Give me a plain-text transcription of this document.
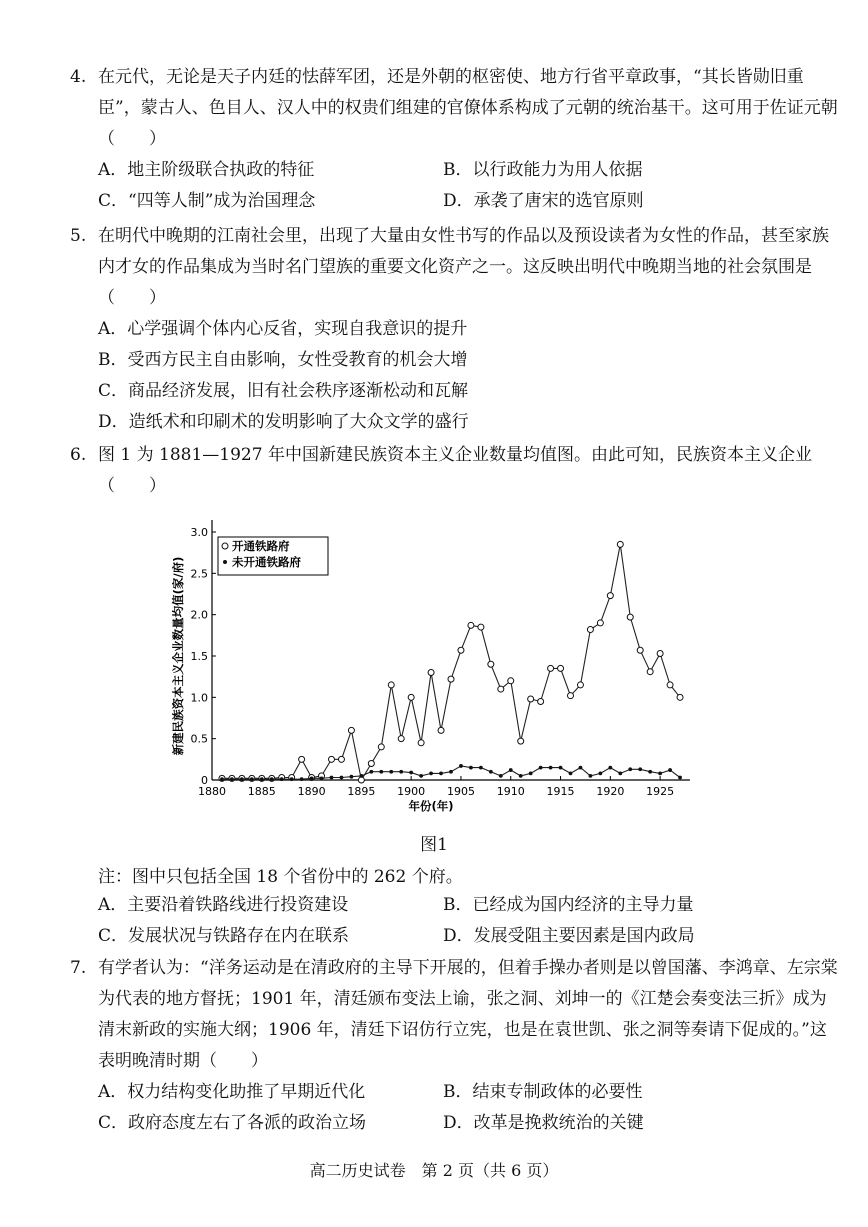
4. 在元代，无论是天子内廷的怯薛军团，还是外朝的枢密使、地方行省平章政事，“其长皆勋旧重臣”，蒙古人、色目人、汉人中的权贵们组建的官僚体系构成了元朝的统治基干。这可用于佐证元朝（　　）
A．地主阶级联合执政的特征	B．以行政能力为用人依据
C．“四等人制”成为治国理念	D．承袭了唐宋的选官原则
5. 在明代中晚期的江南社会里，出现了大量由女性书写的作品以及预设读者为女性的作品，甚至家族内才女的作品集成为当时名门望族的重要文化资产之一。这反映出明代中晚期当地的社会氛围是（　　）
A．心学强调个体内心反省，实现自我意识的提升
B．受西方民主自由影响，女性受教育的机会大增
C．商品经济发展，旧有社会秩序逐渐松动和瓦解
D．造纸术和印刷术的发明影响了大众文学的盛行
6. 图 1 为 1881—1927 年中国新建民族资本主义企业数量均值图。由此可知，民族资本主义企业（　　）
0
0.5
1.0
1.5
2.0
2.5
3.0
1880 1885 1890 1895 1900 1905 1910 1915 1920 1925
年份(年)
新建民族资本主义企业数量均值(家/府)
开通铁路府
未开通铁路府
图1
注：图中只包括全国 18 个省份中的 262 个府。
A．主要沿着铁路线进行投资建设	B．已经成为国内经济的主导力量
C．发展状况与铁路存在内在联系	D．发展受阻主要因素是国内政局
7. 有学者认为：“洋务运动是在清政府的主导下开展的，但着手操办者则是以曾国藩、李鸿章、左宗棠为代表的地方督抚；1901 年，清廷颁布变法上谕，张之洞、刘坤一的《江楚会奏变法三折》成为清末新政的实施大纲；1906 年，清廷下诏仿行立宪，也是在袁世凯、张之洞等奏请下促成的。”这表明晚清时期（　　）
A．权力结构变化助推了早期近代化	B．结束专制政体的必要性
C．政府态度左右了各派的政治立场	D．改革是挽救统治的关键
高二历史试卷　第 2 页（共 6 页）
